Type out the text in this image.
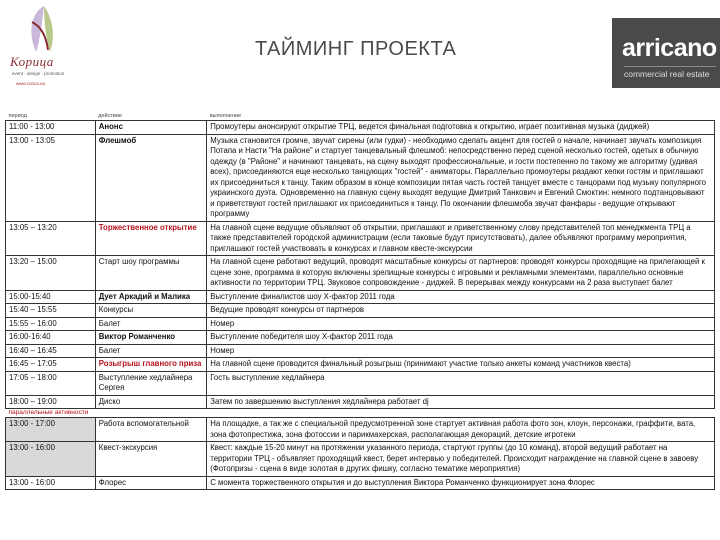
Корица
event · design · promotion
www.corica.ua
ТАЙМИНГ ПРОЕКТА	arricano
commercial real estate
период	действие	выполнение
11:00 - 13:00	Анонс	Промоутеры анонсируют открытие ТРЦ, ведется финальная подготовка к открытию, играет позитивная музыка (диджей)
13:00 - 13:05	Флешмоб	Музыка становится громче, звучат сирены (или гудки) - необходимо сделать акцент для гостей о начале, начинает звучать композиция Потапа и Насти "На районе" и стартует танцевальный флешмоб: непосредственно перед сценой несколько гостей, одетых в обычную одежду (в "Районе" и начинают танцевать, на сцену выходят профессиональные, и гости постепенно по такому же алгоритму (удивая всех), присоединяются еще несколько танцующих "гостей" - аниматоры. Параллельно промоутеры раздают кепки гостям и приглашают их присоединиться к танцу. Таким образом в конце композиции пятая часть гостей танцует вместе с танцорами под музыку популярного украинского дуэта. Одновременно на главную сцену выходят ведущие Дмитрий Танкович и Евгений Смоктин: немного подтанцовывают и приветствуют гостей приглашают их присоединиться к танцу. По окончании флешмоба звучат фанфары - ведущие открывают программу
13:05 – 13:20	Торжественное открытие	На главной сцене ведущие объявляют об открытии, приглашают и приветственному слову представителей топ менеджмента ТРЦ а также представителей городской администрации (если таковые будут присутствовать), далее объявляют программу мероприятия, приглашают гостей участвовать в конкурсах и главном квесте-экскурсии
13:20 – 15:00	Старт шоу программы	На главной сцене работают ведущий, проводят масштабные конкурсы от партнеров: проводят конкурсы проходящие на прилегающей к сцене зоне, программа в которую включены зрелищные конкурсы с игровыми и рекламными элементами, параллельно основные активности по территории ТРЦ. Звуковое сопровождение - диджей. В перерывах между конкурсами на 2 раза выступает балет
15:00-15:40	Дует Аркадий и Малика	Выступление финалистов шоу Х-фактор 2011 года
15:40 – 15:55	Конкурсы	Ведущие проводят конкурсы от партнеров
15:55 – 16:00	Балет	Номер
16:00-16:40	Виктор Романченко	Выступление победителя шоу Х-фактор 2011 года
16:40 – 16:45	Балет	Номер
16:45 – 17:05	Розыгрыш главного приза	На главной сцене проводится финальный розыгрыш (принимают участие только анкеты команд участников квеста)
17:05 – 18:00	Выступление хедлайнера Сергея	Гость выступление хедлайнера
18:00 – 19:00	Диско	Затем по завершению выступления хедлайнера работает dj
параллельные активности		
13:00 - 17:00	Работа вспомогательной	На площадке, а так же с специальной предусмотренной зоне стартует активная работа фото зон, клоун, персонажи, граффити, вата, зона фотопрестижа, зона фотоссии и парикмахерская, располагающая декораций, детские игротеки
13:00 - 16:00	Квест-экскурсия	Квест: каждые 15-20 минут на протяжении указанного периода, стартуют группы (до 10 команд), второй ведущий работает на территории ТРЦ - объявляет проходящий квест, берет интервью у победителей. Происходит награждение на главной сцене в завоеву (Фотопризы - сцена в виде золотая в других фишку, согласно тематике мероприятия)
13:00 - 16:00	Флорес	С момента торжественного открытия и до выступления Виктора Романченко функционирует зона Флорес
